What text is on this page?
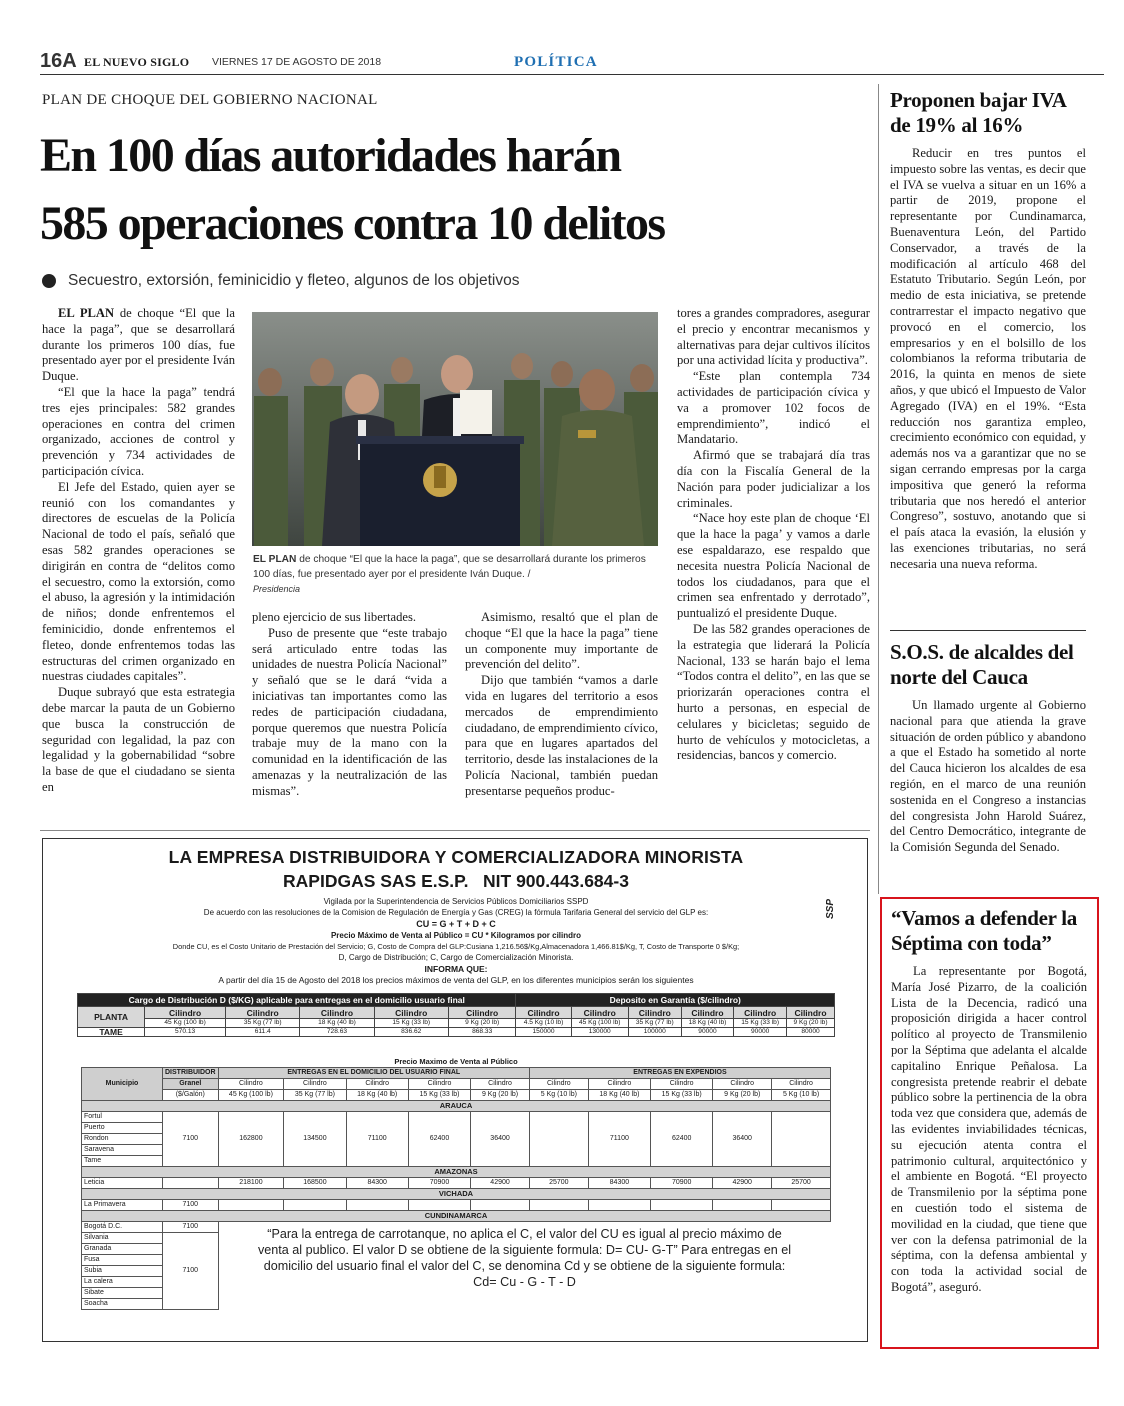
16A EL NUEVO SIGLO VIERNES 17 DE AGOSTO DE 2018	POLÍTICA
PLAN DE CHOQUE DEL GOBIERNO NACIONAL
En 100 días autoridades harán
585 operaciones contra 10 delitos
Secuestro, extorsión, feminicidio y fleteo, algunos de los objetivos

EL PLAN de choque “El que la hace la paga”, que se desarrollará durante los primeros 100 días, fue presentado ayer por el presidente Iván Duque.

“El que la hace la paga” tendrá tres ejes principales: 582 grandes operaciones en contra del crimen organizado, acciones de control y prevención y 734 actividades de participación cívica.

El Jefe del Estado, quien ayer se reunió con los comandantes y directores de escuelas de la Policía Nacional de todo el país, señaló que esas 582 grandes operaciones se dirigirán en contra de “delitos como el secuestro, como la extorsión, como el abuso, la agresión y la intimidación de niños; donde enfrentemos el feminicidio, donde enfrentemos el fleteo, donde enfrentemos todas las estructuras del crimen organizado en nuestras ciudades capitales”.

Duque subrayó que esta estrategia debe marcar la pauta de un Gobierno que busca la construcción de seguridad con legalidad, la paz con legalidad y la gobernabilidad “sobre la base de que el ciudadano se sienta en

EL PLAN de choque “El que la hace la paga”, que se desarrollará durante los primeros 100 días, fue presentado ayer por el presidente Iván Duque. /
Presidencia

pleno ejercicio de sus libertades.

Puso de presente que “este trabajo será articulado entre todas las unidades de nuestra Policía Nacional” y señaló que se le dará “vida a iniciativas tan importantes como las redes de participación ciudadana, porque queremos que nuestra Policía trabaje muy de la mano con la comunidad en la identificación de las amenazas y la neutralización de las mismas”.

Asimismo, resaltó que el plan de choque “El que la hace la paga” tiene un componente muy importante de prevención del delito”.

Dijo que también “vamos a darle vida en lugares del territorio a esos mercados de emprendimiento ciudadano, de emprendimiento cívico, para que en lugares apartados del territorio, desde las instalaciones de la Policía Nacional, también puedan presentarse pequeños produc-

tores a grandes compradores, asegurar el precio y encontrar mecanismos y alternativas para dejar cultivos ilícitos por una actividad lícita y productiva”.

“Este plan contempla 734 actividades de participación cívica y va a promover 102 focos de emprendimiento”, indicó el Mandatario.

Afirmó que se trabajará día tras día con la Fiscalía General de la Nación para poder judicializar a los criminales.

“Nace hoy este plan de choque ‘El que la hace la paga’ y vamos a darle ese espaldarazo, ese respaldo que necesita nuestra Policía Nacional de todos los ciudadanos, para que el crimen sea enfrentado y derrotado”, puntualizó el presidente Duque.

De las 582 grandes operaciones de la estrategia que liderará la Policía Nacional, 133 se harán bajo el lema “Todos contra el delito”, en las que se priorizarán operaciones contra el hurto a personas, en especial de celulares y bicicletas; seguido de hurto de vehículos y motocicletas, a residencias, bancos y comercio.

Proponen bajar IVA de 19% al 16%

Reducir en tres puntos el impuesto sobre las ventas, es decir que el IVA se vuelva a situar en un 16% a partir de 2019, propone el representante por Cundinamarca, Buenaventura León, del Partido Conservador, a través de la modificación al artículo 468 del Estatuto Tributario. Según León, por medio de esta iniciativa, se pretende contrarrestar el impacto negativo que provocó en el comercio, los empresarios y en el bolsillo de los colombianos la reforma tributaria de 2016, la quinta en menos de siete años, y que ubicó el Impuesto de Valor Agregado (IVA) en el 19%. “Esta reducción nos garantiza empleo, crecimiento económico con equidad, y además nos va a garantizar que no se sigan cerrando empresas por la carga impositiva que generó la reforma tributaria que nos heredó el anterior Congreso”, sostuvo, anotando que si el país ataca la evasión, la elusión y las exenciones tributarias, no será necesaria una nueva reforma.

S.O.S. de alcaldes del norte del Cauca

Un llamado urgente al Gobierno nacional para que atienda la grave situación de orden público y abandono a que el Estado ha sometido al norte del Cauca hicieron los alcaldes de esa región, en el marco de una reunión sostenida en el Congreso a instancias del congresista John Harold Suárez, del Centro Democrático, integrante de la Comisión Segunda del Senado.

“Vamos a defender la Séptima con toda”

La representante por Bogotá, María José Pizarro, de la coalición Lista de la Decencia, radicó una proposición dirigida a hacer control político al proyecto de Transmilenio por la Séptima que adelanta el alcalde capitalino Enrique Peñalosa. La congresista pretende reabrir el debate público sobre la pertinencia de la obra toda vez que considera que, además de las evidentes inviabilidades técnicas, su ejecución atenta contra el patrimonio cultural, arquitectónico y el ambiente en Bogotá. “El proyecto de Transmilenio por la séptima pone en cuestión todo el sistema de movilidad en la ciudad, que tiene que ver con la defensa patrimonial de la séptima, con la defensa ambiental y con toda la actividad social de Bogotá”, aseguró.

LA EMPRESA DISTRIBUIDORA Y COMERCIALIZADORA MINORISTA
RAPIDGAS SAS E.S.P.   NIT 900.443.684-3
Vigilada por la Superintendencia de Servicios Públicos Domiciliarios SSPD
De acuerdo con las resoluciones de la Comision de Regulación de Energía y Gas (CREG) la fórmula Tarifaria General del servicio del GLP es:
CU = G + T + D + C
Precio Máximo de Venta al Público = CU * Kilogramos por cilindro
Donde CU, es el Costo Unitario de Prestación del Servicio; G, Costo de Compra del GLP:Cusiana 1,216.56$/Kg,Almacenadora 1,466.81$/Kg, T, Costo de Transporte 0 $/Kg;
D, Cargo de Distribución; C, Cargo de Comercialización Minorista.
INFORMA QUE:
A partir del día 15 de Agosto del 2018 los precios máximos de venta del GLP, en los diferentes municipios serán los siguientes
SSP
Cargo de Distribución D ($/KG) aplicable para entregas en el domicilio usuario final						Deposito en Garantía ($/cilindro)					
PLANTA	Cilindro	Cilindro	Cilindro	Cilindro	Cilindro	Cilindro	Cilindro	Cilindro	Cilindro	Cilindro	Cilindro
	45 Kg (100 lb)	35 Kg (77 lb)	18 Kg (40 lb)	15 Kg (33 lb)	9 Kg (20 lb)	4.5 Kg (10 lb)	45 Kg (100 lb)	35 Kg (77 lb)	18 Kg (40 lb)	15 Kg (33 lb)	9 Kg (20 lb)
TAME	570.13	611.4	728.63	836.62	868.33	150000	130000	100000	90000	90000	80000
Precio Maximo de Venta al Público
Municipio	DISTRIBUIDOR	ENTREGAS EN EL DOMICILIO DEL USUARIO FINAL					ENTREGAS EN EXPENDIOS				
	Granel	Cilindro	Cilindro	Cilindro	Cilindro	Cilindro	Cilindro	Cilindro	Cilindro	Cilindro	Cilindro
	($/Galón)	45 Kg (100 lb)	35 Kg (77 lb)	18 Kg (40 lb)	15 Kg (33 lb)	9 Kg (20 lb)	5 Kg (10 lb)	18 Kg (40 lb)	15 Kg (33 lb)	9 Kg (20 lb)	5 Kg (10 lb)
ARAUCA											
Fortul	7100	162800	134500	71100	62400	36400		71100	62400	36400	
Puerto											
Rondon											
Saravena											
Tame											
AMAZONAS											
Leticia		218100	168500	84300	70900	42900	25700	84300	70900	42900	25700
VICHADA											
La Primavera	7100										
CUNDINAMARCA											
Bogotá D.C.	7100	“Para la entrega de carrotanque, no aplica el C, el valor del CU es igual al precio máximo de venta al publico. El valor D se obtiene de la siguiente formula: D= CU- G-T” Para entregas en el domicilio del usuario final el valor del C, se denomina Cd y se obtiene de la siguiente formula: Cd= Cu - G - T - D									

Silvania	7100										
Granada											
Fusa											
Subia											
La calera											
Sibate											
Soacha											
